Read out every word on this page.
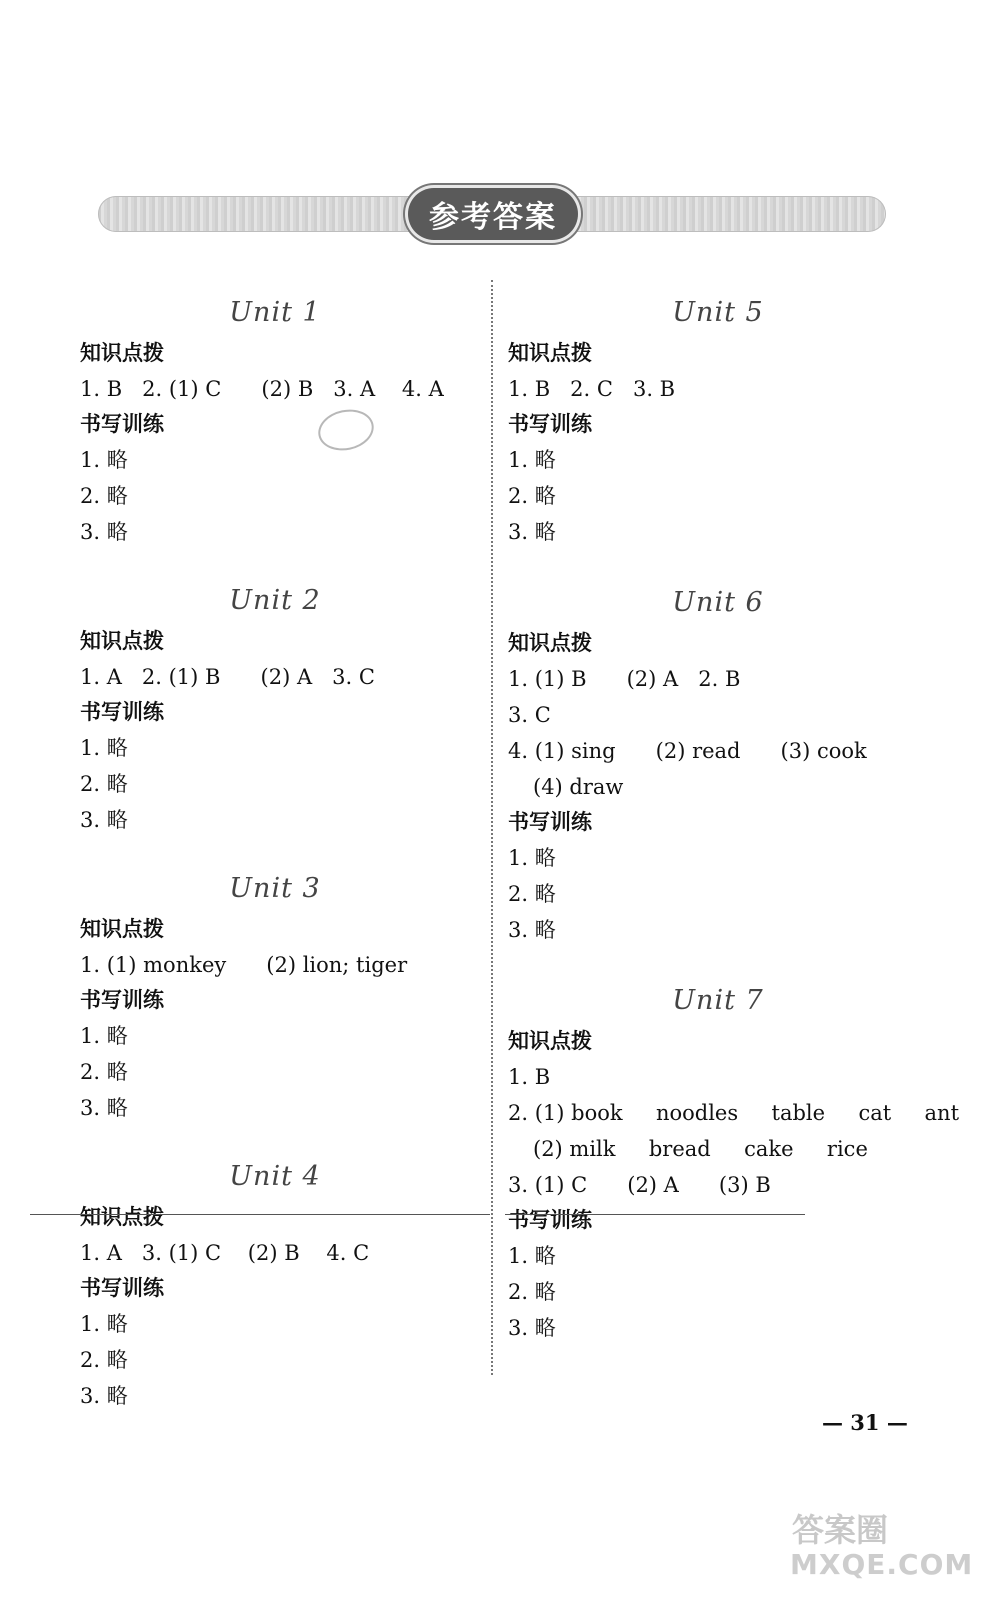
参考答案
Unit 1
知识点拨
1. B   2. (1) C      (2) B   3. A    4. A
书写训练
1. 略
2. 略
3. 略
Unit 2
知识点拨
1. A   2. (1) B      (2) A   3. C
书写训练
1. 略
2. 略
3. 略
Unit 3
知识点拨
1. (1) monkey      (2) lion; tiger
书写训练
1. 略
2. 略
3. 略
Unit 4
知识点拨
1. A   3. (1) C    (2) B    4. C
书写训练
1. 略
2. 略
3. 略
Unit 5
知识点拨
1. B   2. C   3. B
书写训练
1. 略
2. 略
3. 略
Unit 6
知识点拨
1. (1) B      (2) A   2. B
3. C
4. (1) sing      (2) read      (3) cook
(4) draw
书写训练
1. 略
2. 略
3. 略
Unit 7
知识点拨
1. B
2. (1) book     noodles     table     cat     ant
(2) milk     bread     cake     rice
3. (1) C      (2) A      (3) B
书写训练
1. 略
2. 略
3. 略
— 31 —
答案圈
MXQE.COM
